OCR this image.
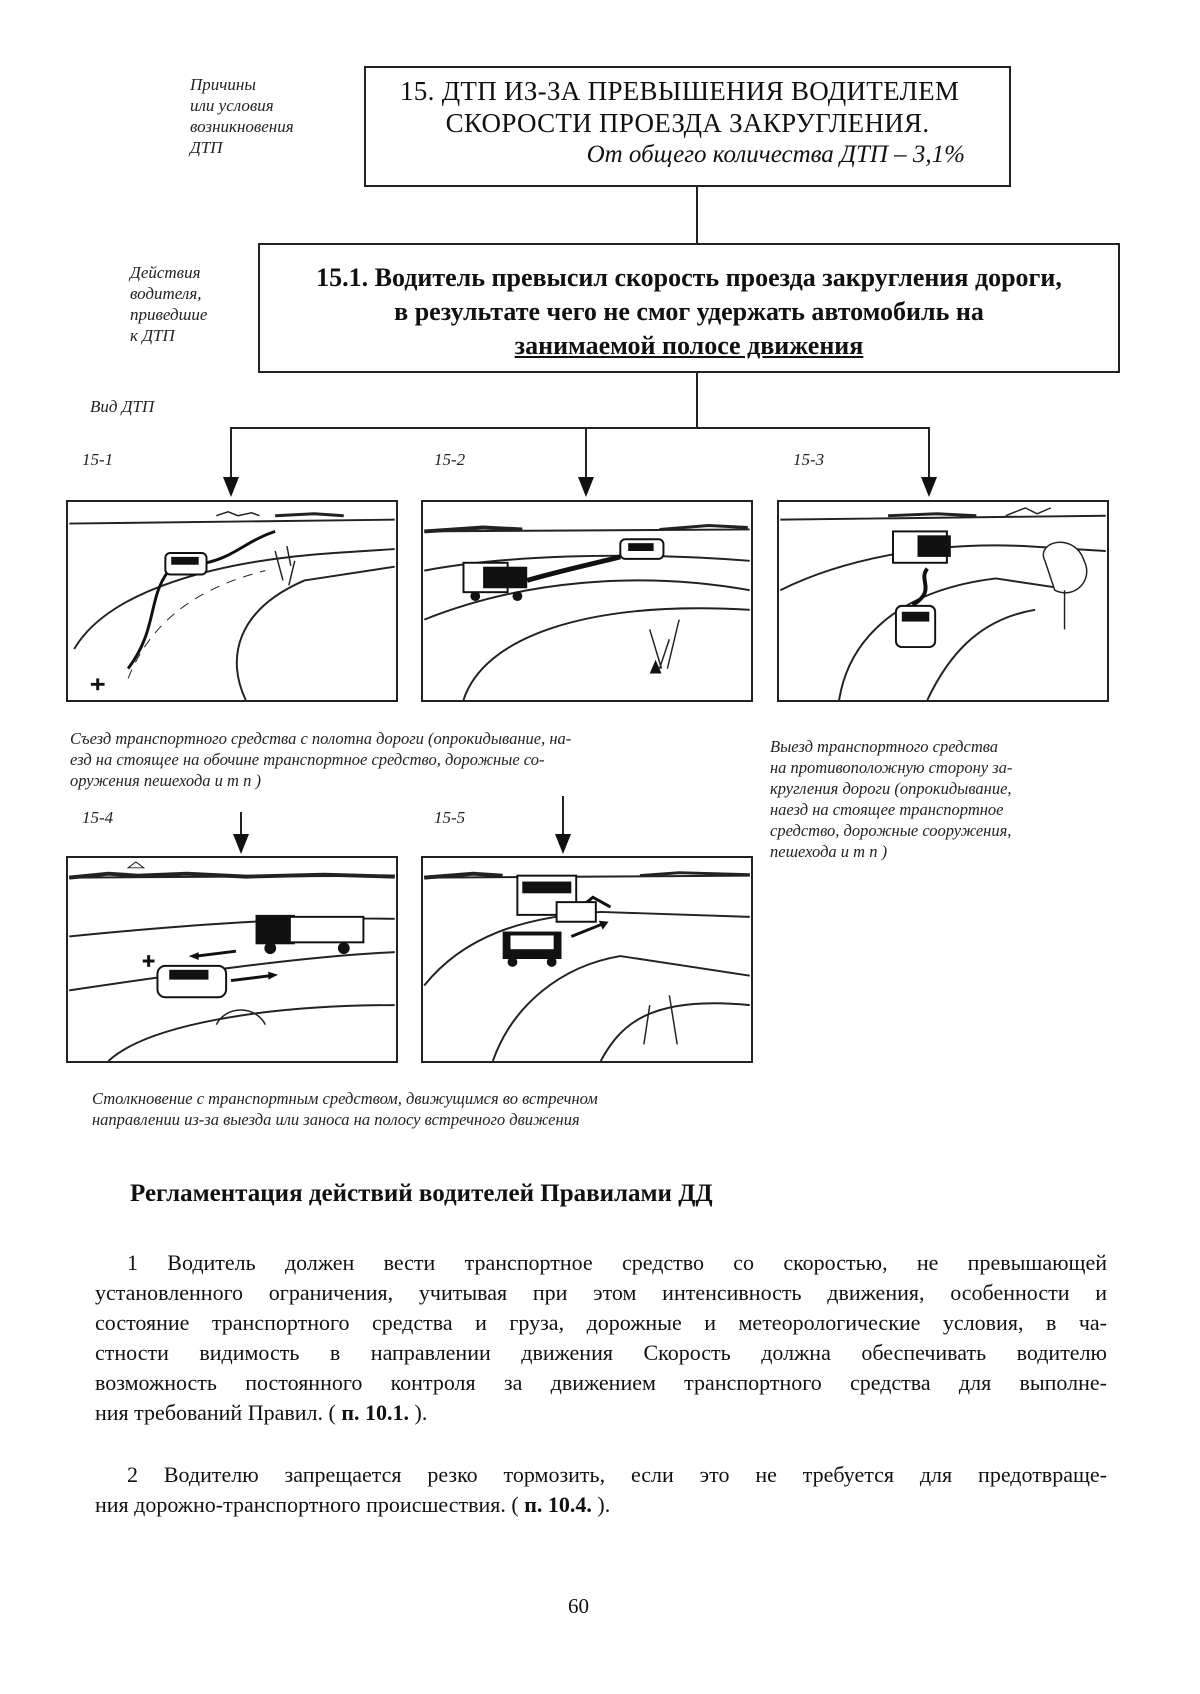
Причины
или условия
возникновения
ДТП
Действия
водителя,
приведшие
к ДТП
Вид ДТП
15. ДТП ИЗ-ЗА ПРЕВЫШЕНИЯ ВОДИТЕЛЕМ
СКОРОСТИ ПРОЕЗДА ЗАКРУГЛЕНИЯ.
От общего количества ДТП – 3,1%
15.1. Водитель превысил скорость проезда закругления дороги,
в результате чего не смог удержать автомобиль на
занимаемой полосе движения
15-1	15-2	15-3
Съезд транспортного средства с полотна дороги (опрокидывание, на-
езд на стоящее на обочине транспортное средство, дорожные со-
оружения пешехода и т п )
Выезд транспортного средства
на противоположную сторону за-
кругления дороги (опрокидывание,
наезд на стоящее транспортное
средство, дорожные сооружения,
пешехода и т п )
15-4	15-5
Столкновение с транспортным средством, движущимся во встречном
направлении из-за выезда или заноса на полосу встречного движения
Регламентация действий водителей Правилами ДД
1 Водитель должен вести транспортное средство со скоростью, не превышающей
установленного ограничения, учитывая при этом интенсивность движения, особенности и
состояние транспортного средства и груза, дорожные и метеорологические условия, в ча-
стности видимость в направлении движения Скорость должна обеспечивать водителю
возможность постоянного контроля за движением транспортного средства для выполне-
ния требований Правил. ( п. 10.1. ).
2 Водителю запрещается резко тормозить, если это не требуется для предотвраще-
ния дорожно-транспортного происшествия. ( п. 10.4. ).
60
